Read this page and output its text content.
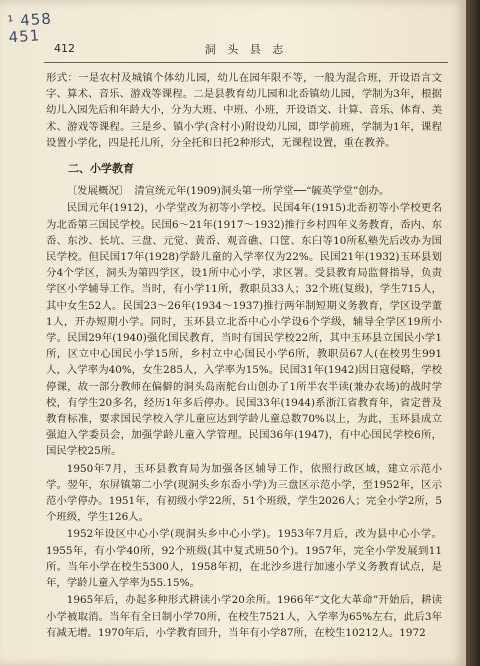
¹ 458
451
412	洞 头 县 志

形式：一是农村及城镇个体幼儿园，幼儿在园年限不等，一般为混合班，开设语言文字、算术、音乐、游戏等课程。二是县教育幼儿园和北岙镇幼儿园，学制为3年，根据幼儿入园先后和年龄大小，分为大班、中班、小班，开设语文、计算、音乐、体育、美术、游戏等课程。三是乡、镇小学(含村小)附设幼儿园，即学前班，学制为1年，课程设置小学化，四是托儿所，分全托和日托2种形式，无课程设置，重在教养。

二、小学教育

〔发展概况〕　清宣统元年(1909)洞头第一所学堂──“毓英学堂”创办。

民国元年(1912)，小学堂改为初等小学校。民国4年(1915)北岙初等小学校更名为北岙第三国民学校。民国6～21年(1917～1932)推行乡村四年义务教育，岙内、东岙、东沙、长坑、三盘、元觉、黄岙、观音礁、口筐、东臼等10所私塾先后改办为国民学校。但民国17年(1928)学龄儿童的入学率仅为22%。民国21年(1932)玉环县划分4个学区，洞头为第四学区，设1所中心小学，求区署。受县教育局监督指导，负责学区小学辅导工作。当时，有小学11所，教职员33人；32个班(复级)，学生715人，其中女生52人。民国23～26年(1934～1937)推行两年制短期义务教育，学区设学董1人，开办短期小学。同时，玉环县立北岙中心小学设6个学级，辅导全学区19所小学。民国29年(1940)强化国民教育，当时有国民学校22所，其中玉环县立国民小学1所，区立中心国民小学15所，乡村立中心国民小学6所，教职员67人(在校男生991人，入学率为40%，女生285人，入学率为15%。民国31年(1942)因日寇侵略，学校停课，故一部分教师在偏僻的洞头岛南舵台山创办了1所半农半读(兼办农场)的战时学校，有学生20多名，经历1年多后停办。民国33年(1944)系浙江省教育年，省定普及教育标准，要求国民学校入学儿童应达到学龄儿童总数70%以上，为此，玉环县成立强迫入学委员会，加强学龄儿童入学管理。民国36年(1947)，有中心国民学校6所，国民学校25所。

1950年7月，玉环县教育局为加强各区辅导工作，依照行政区域，建立示范小学。翌年，东屏镇第二小学(现洞头乡东岙小学)为三盘区示范小学，至1952年，区示范小学停办。1951年，有初级小学22所，51个班级，学生2026人；完全小学2所，5个班级，学生126人。

1952年设区中心小学(现洞头乡中心小学)。1953年7月后，改为县中心小学。1955年，有小学40所，92个班级(其中复式班50个)。1957年，完全小学发展到11所。当年小学在校生5300人，1958年初，在北沙乡进行加速小学义务教育试点，是年，学龄儿童入学率为55.15%。

1965年后，办起多种形式耕读小学20余所。1966年“文化大革命”开始后，耕读小学被取消。当年有全日制小学70所，在校生7521人，入学率为65%左右，此后3年有减无增。1970年后，小学教育回升，当年有小学87所，在校生10212人。1972
